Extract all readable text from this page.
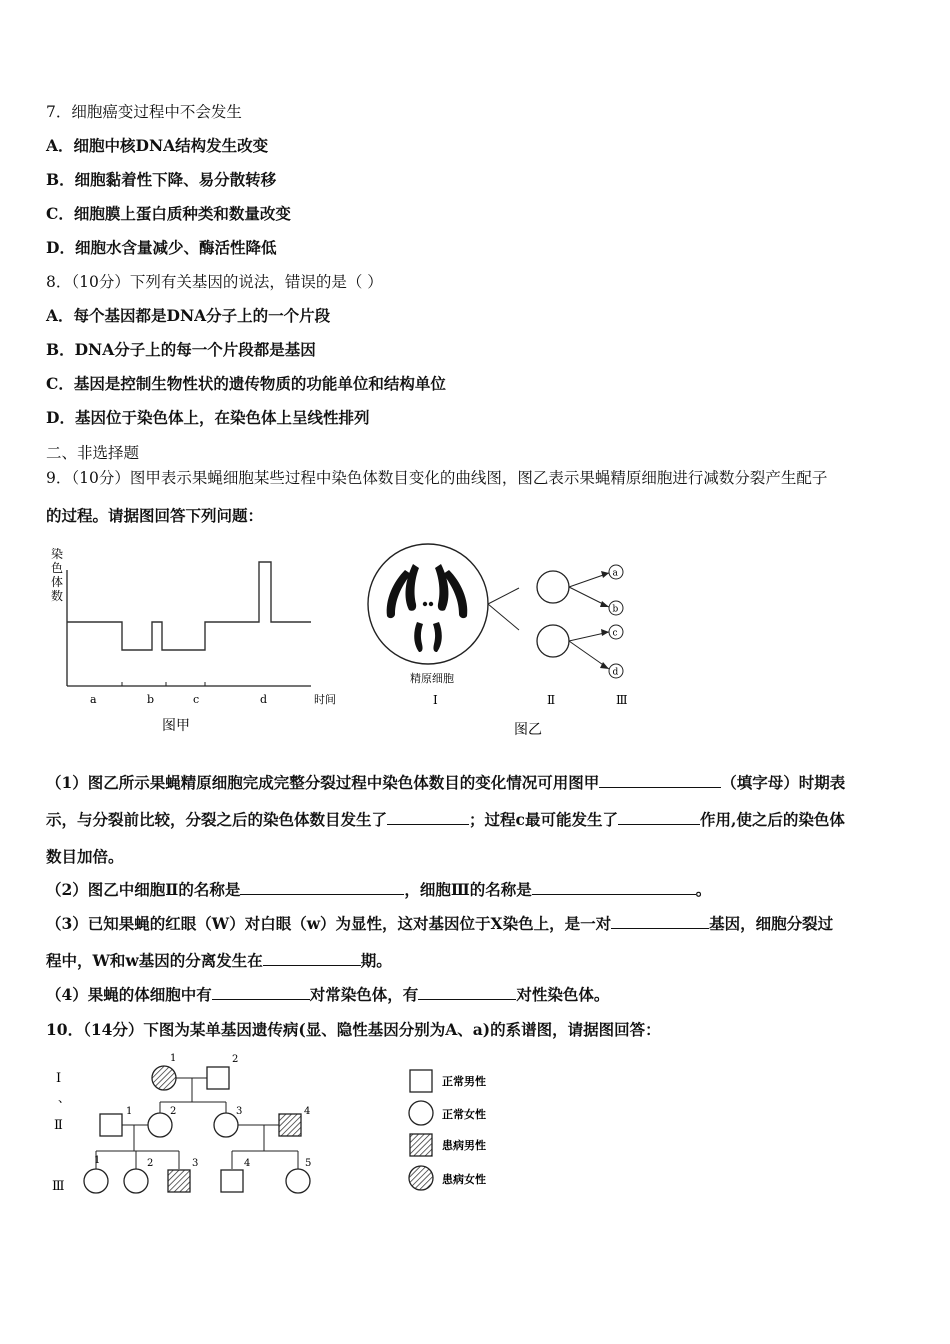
7．细胞癌变过程中不会发生
A．细胞中核DNA结构发生改变
B．细胞黏着性下降、易分散转移
C．细胞膜上蛋白质种类和数量改变
D．细胞水含量减少、酶活性降低
8．（10分）下列有关基因的说法，错误的是（ ）
A．每个基因都是DNA分子上的一个片段
B．DNA分子上的每一个片段都是基因
C．基因是控制生物性状的遗传物质的功能单位和结构单位
D．基因位于染色体上，在染色体上呈线性排列
二、非选择题
9．（10分）图甲表示果蝇细胞某些过程中染色体数目变化的曲线图，图乙表示果蝇精原细胞进行减数分裂产生配子
的过程。请据图回答下列问题：
染
色
体
数
a	b	c	d	时间
图甲
精原细胞
a
b
c
d
Ⅰ	Ⅱ	Ⅲ
图乙
（1）图乙所示果蝇精原细胞完成完整分裂过程中染色体数目的变化情况可用图甲	（填字母）时期表
示，与分裂前比较，分裂之后的染色体数目发生了	；过程c最可能发生了	作用,使之后的染色体
数目加倍。
（2）图乙中细胞Ⅱ的名称是	，细胞Ⅲ的名称是	。
（3）已知果蝇的红眼（W）对白眼（w）为显性，这对基因位于X染色上，是一对	基因，细胞分裂过
程中，W和w基因的分离发生在	期。
（4）果蝇的体细胞中有	对常染色体，有	对性染色体。
10．（14分）下图为某单基因遗传病(显、隐性基因分别为A、a)的系谱图，请据图回答：
Ⅰ
、
Ⅱ
Ⅲ
1	2
1	2	3	4
1	2	3	4	5
正常男性
正常女性
患病男性
患病女性
